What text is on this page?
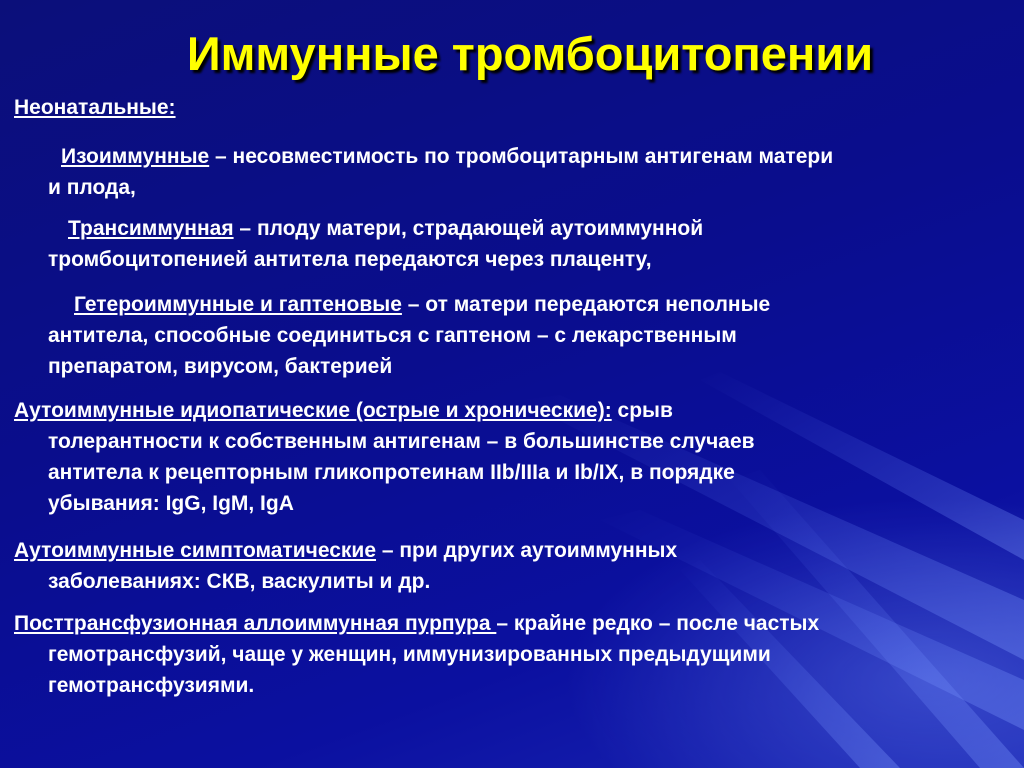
Иммунные тромбоцитопении
Неонатальные:
Изоиммунные – несовместимость по тромбоцитарным антигенам матери
и плода,
Трансиммунная – плоду матери, страдающей аутоиммунной
тромбоцитопенией антитела передаются через плаценту,
Гетероиммунные и гаптеновые – от матери передаются неполные
антитела, способные соединиться с гаптеном – с лекарственным
препаратом, вирусом, бактерией
Аутоиммунные идиопатические (острые и хронические): срыв

толерантности к собственным антигенам – в большинстве случаев
антитела к рецепторным гликопротеинам IIb/IIIa и Ib/IX, в порядке
убывания: IgG, IgM, IgA
Аутоиммунные симптоматические – при других аутоиммунных

заболеваниях: СКВ, васкулиты и др.
Посттрансфузионная аллоиммунная пурпура – крайне редко – после частых

гемотрансфузий, чаще у женщин, иммунизированных предыдущими
гемотрансфузиями.
